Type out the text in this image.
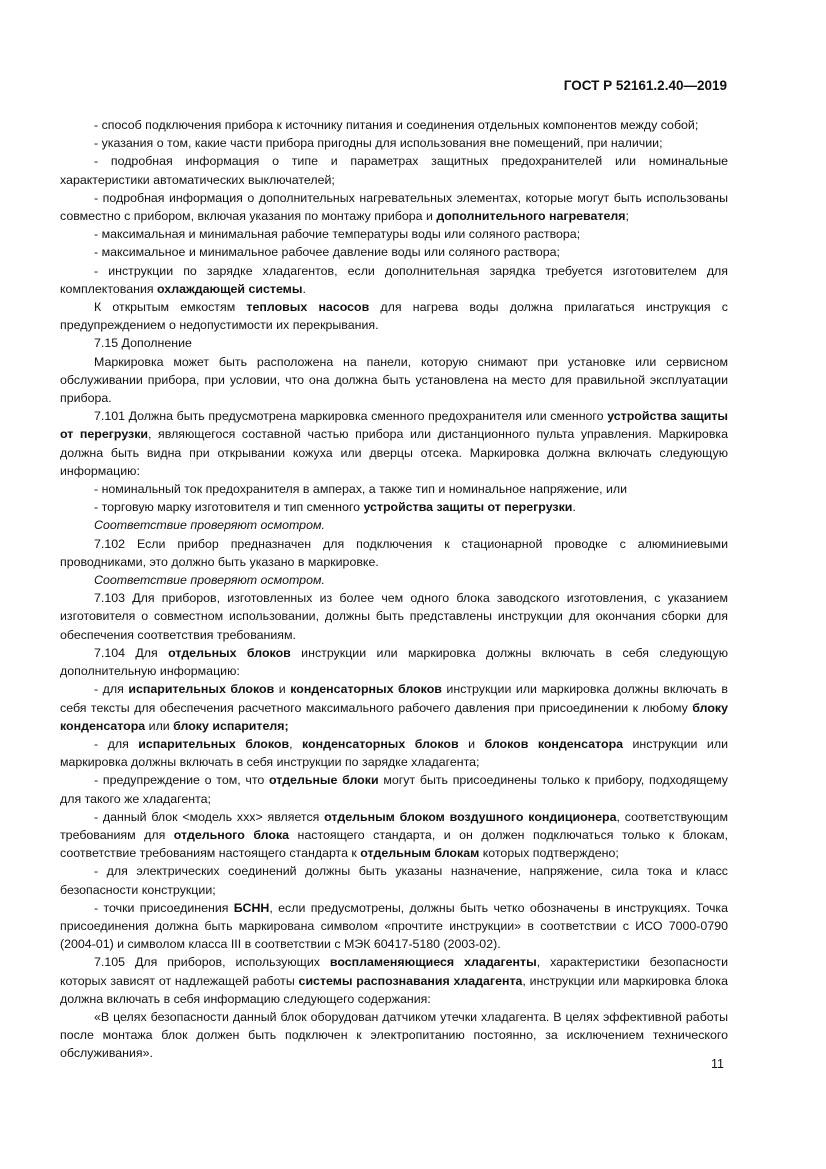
ГОСТ Р 52161.2.40—2019

- способ подключения прибора к источнику питания и соединения отдельных компонентов между собой;

- указания о том, какие части прибора пригодны для использования вне помещений, при наличии;

- подробная информация о типе и параметрах защитных предохранителей или номинальные характеристики автоматических выключателей;

- подробная информация о дополнительных нагревательных элементах, которые могут быть использованы совместно с прибором, включая указания по монтажу прибора и дополнительного нагревателя;

- максимальная и минимальная рабочие температуры воды или соляного раствора;

- максимальное и минимальное рабочее давление воды или соляного раствора;

- инструкции по зарядке хладагентов, если дополнительная зарядка требуется изготовителем для комплектования охлаждающей системы.

К открытым емкостям тепловых насосов для нагрева воды должна прилагаться инструкция с предупреждением о недопустимости их перекрывания.

7.15 Дополнение

Маркировка может быть расположена на панели, которую снимают при установке или сервисном обслуживании прибора, при условии, что она должна быть установлена на место для правильной эксплуатации прибора.

7.101 Должна быть предусмотрена маркировка сменного предохранителя или сменного устройства защиты от перегрузки, являющегося составной частью прибора или дистанционного пульта управления. Маркировка должна быть видна при открывании кожуха или дверцы отсека. Маркировка должна включать следующую информацию:

- номинальный ток предохранителя в амперах, а также тип и номинальное напряжение, или

- торговую марку изготовителя и тип сменного устройства защиты от перегрузки.

Соответствие проверяют осмотром.

7.102 Если прибор предназначен для подключения к стационарной проводке с алюминиевыми проводниками, это должно быть указано в маркировке.

Соответствие проверяют осмотром.

7.103 Для приборов, изготовленных из более чем одного блока заводского изготовления, с указанием изготовителя о совместном использовании, должны быть представлены инструкции для окончания сборки для обеспечения соответствия требованиям.

7.104 Для отдельных блоков инструкции или маркировка должны включать в себя следующую дополнительную информацию:

- для испарительных блоков и конденсаторных блоков инструкции или маркировка должны включать в себя тексты для обеспечения расчетного максимального рабочего давления при присоединении к любому блоку конденсатора или блоку испарителя;

- для испарительных блоков, конденсаторных блоков и блоков конденсатора инструкции или маркировка должны включать в себя инструкции по зарядке хладагента;

- предупреждение о том, что отдельные блоки могут быть присоединены только к прибору, подходящему для такого же хладагента;

- данный блок <модель ххх> является отдельным блоком воздушного кондиционера, соответствующим требованиям для отдельного блока настоящего стандарта, и он должен подключаться только к блокам, соответствие требованиям настоящего стандарта к отдельным блокам которых подтверждено;

- для электрических соединений должны быть указаны назначение, напряжение, сила тока и класс безопасности конструкции;

- точки присоединения БСНН, если предусмотрены, должны быть четко обозначены в инструкциях. Точка присоединения должна быть маркирована символом «прочтите инструкции» в соответствии с ИСО 7000-0790 (2004-01) и символом класса III в соответствии с МЭК 60417-5180 (2003-02).

7.105 Для приборов, использующих воспламеняющиеся хладагенты, характеристики безопасности которых зависят от надлежащей работы системы распознавания хладагента, инструкции или маркировка блока должна включать в себя информацию следующего содержания:

«В целях безопасности данный блок оборудован датчиком утечки хладагента. В целях эффективной работы после монтажа блок должен быть подключен к электропитанию постоянно, за исключением технического обслуживания».

11
